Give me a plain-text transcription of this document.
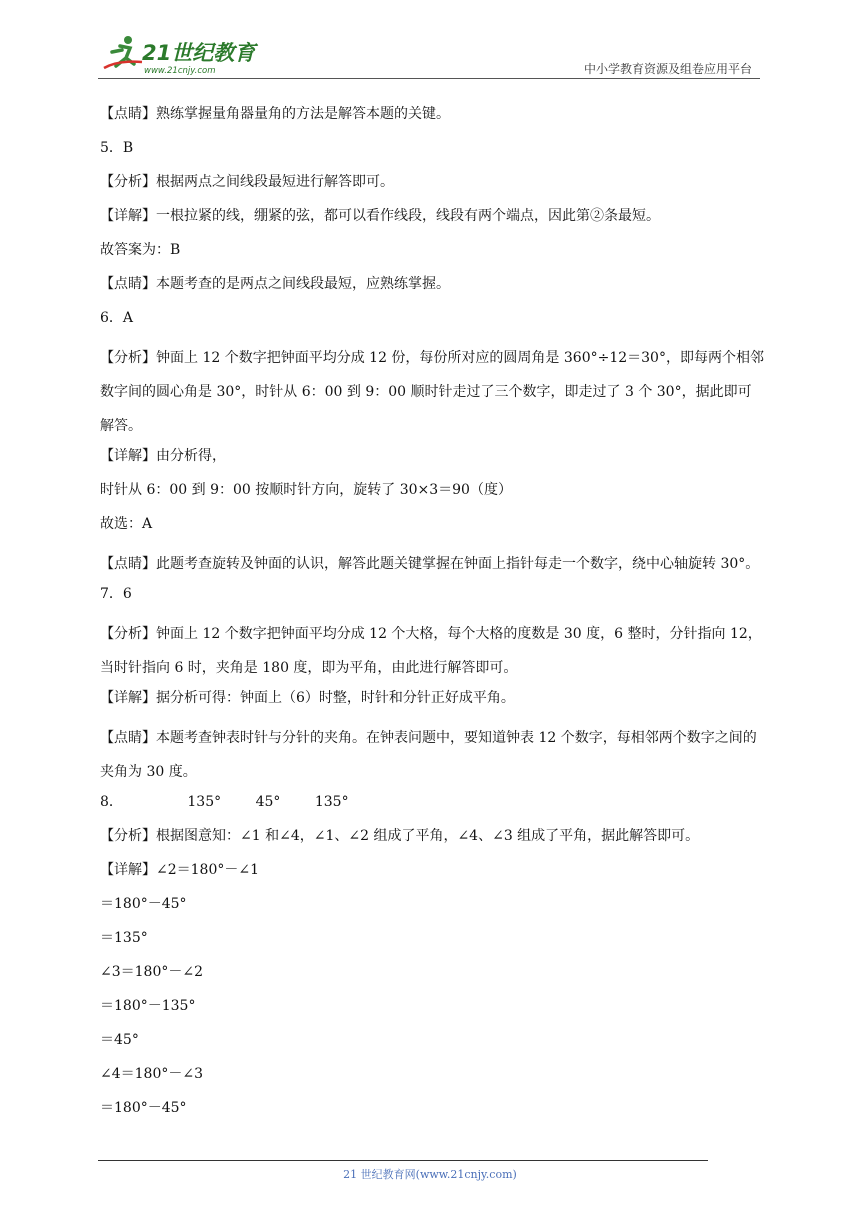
21世纪教育
www.21cnjy.com	中小学教育资源及组卷应用平台

【点睛】熟练掌握量角器量角的方法是解答本题的关键。

5．B

【分析】根据两点之间线段最短进行解答即可。

【详解】一根拉紧的线，绷紧的弦，都可以看作线段，线段有两个端点，因此第②条最短。

故答案为：B

【点睛】本题考查的是两点之间线段最短，应熟练掌握。

6．A

【分析】钟面上 12 个数字把钟面平均分成 12 份，每份所对应的圆周角是 360°÷12＝30°，即每两个相邻数字间的圆心角是 30°，时针从 6：00 到 9：00 顺时针走过了三个数字，即走过了 3 个 30°，据此即可解答。

【详解】由分析得，

时针从 6：00 到 9：00 按顺时针方向，旋转了 30×3＝90（度）

故选：A

【点睛】此题考查旋转及钟面的认识，解答此题关键掌握在钟面上指针每走一个数字，绕中心轴旋转 30°。

7．6

【分析】钟面上 12 个数字把钟面平均分成 12 个大格，每个大格的度数是 30 度，6 整时，分针指向 12，当时针指向 6 时，夹角是 180 度，即为平角，由此进行解答即可。

【详解】据分析可得：钟面上（6）时整，时针和分针正好成平角。

【点睛】本题考查钟表时针与分针的夹角。在钟表问题中，要知道钟表 12 个数字，每相邻两个数字之间的夹角为 30 度。

8．	135° 45° 135°

【分析】根据图意知：∠1 和∠4，∠1、∠2 组成了平角，∠4、∠3 组成了平角，据此解答即可。

【详解】∠2＝180°－∠1

＝180°－45°

＝135°

∠3＝180°－∠2

＝180°－135°

＝45°

∠4＝180°－∠3

＝180°－45°

21 世纪教育网(www.21cnjy.com)
